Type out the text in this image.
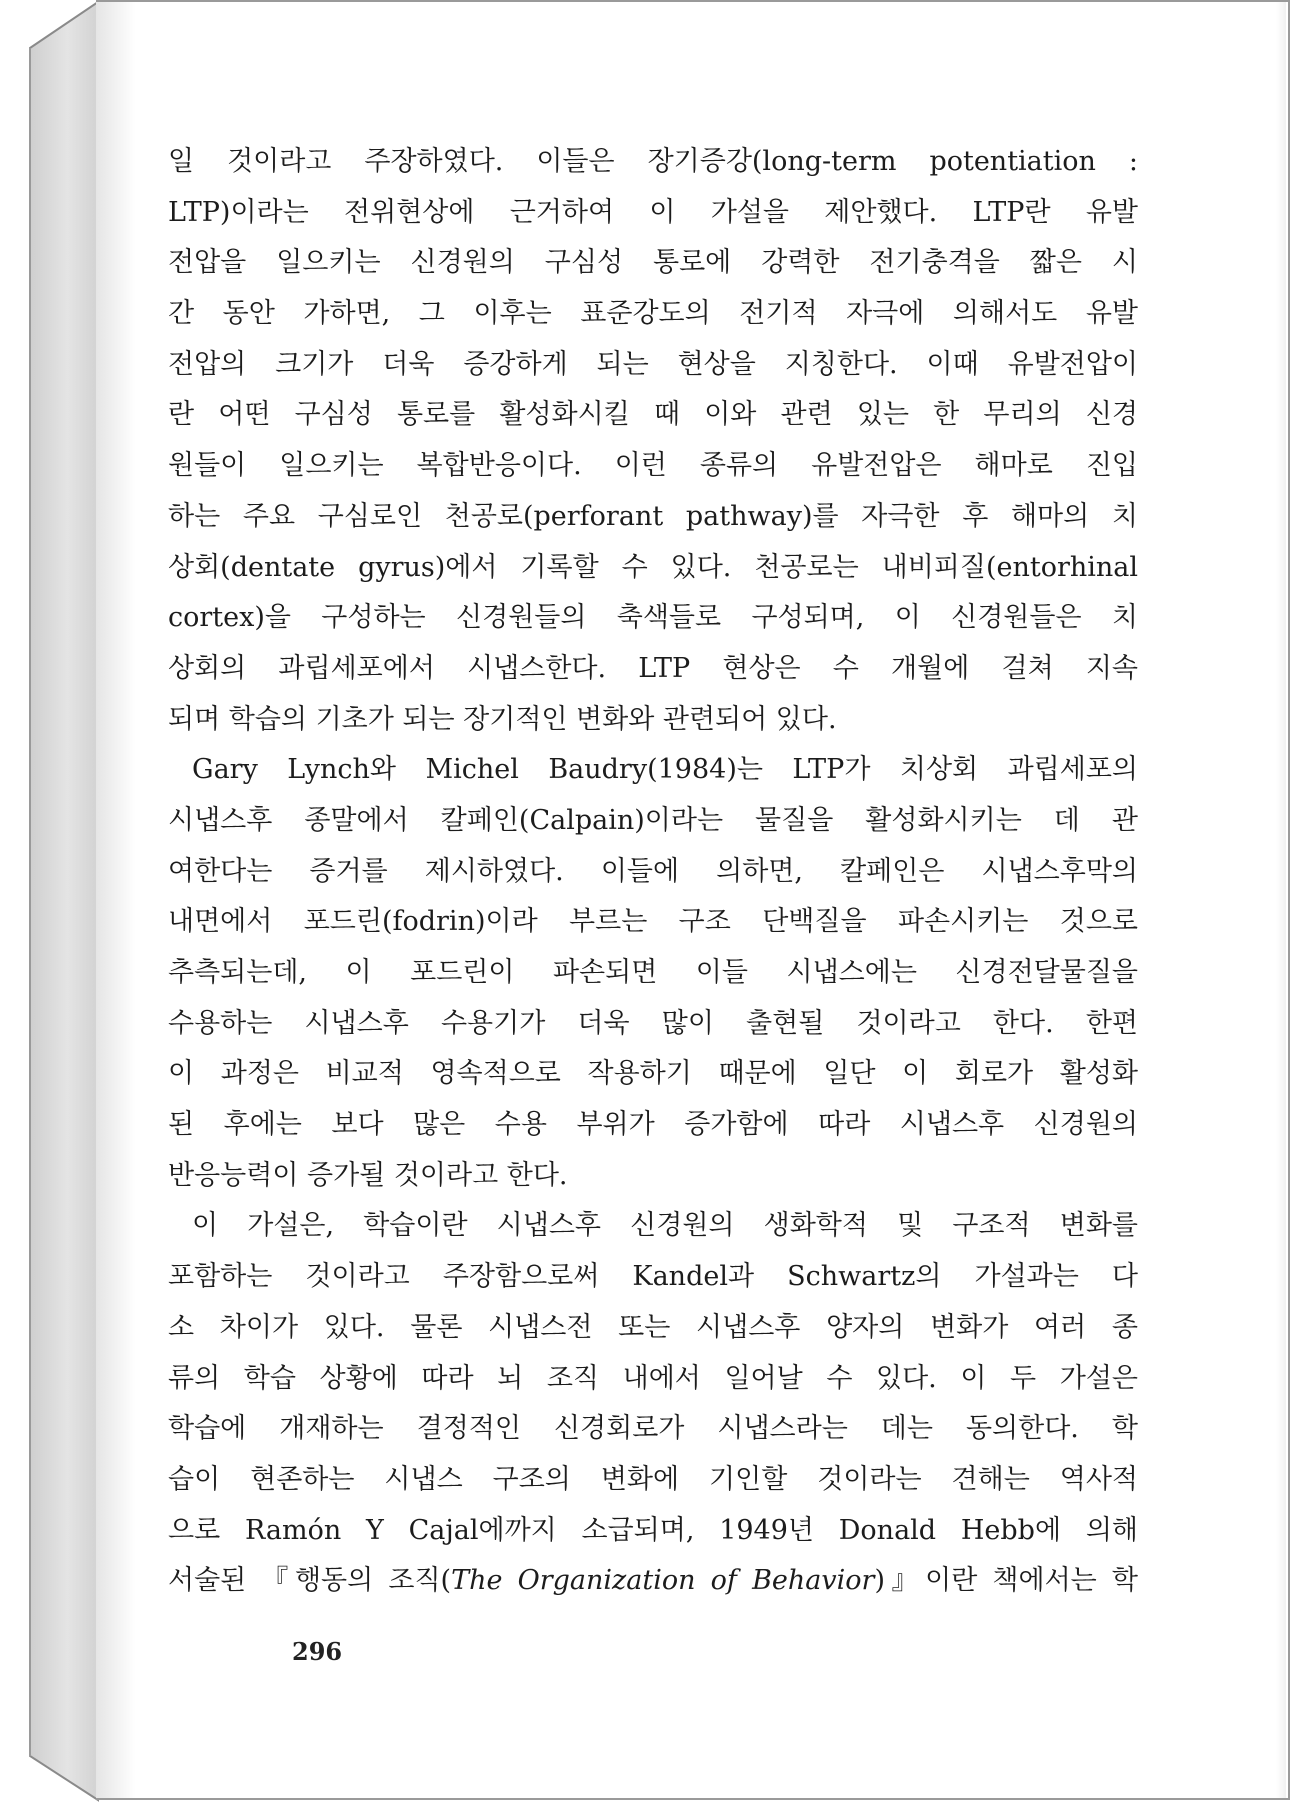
일 것이라고 주장하였다. 이들은 장기증강(long-term potentiation :
LTP)이라는 전위현상에 근거하여 이 가설을 제안했다. LTP란 유발
전압을 일으키는 신경원의 구심성 통로에 강력한 전기충격을 짧은 시
간 동안 가하면, 그 이후는 표준강도의 전기적 자극에 의해서도 유발
전압의 크기가 더욱 증강하게 되는 현상을 지칭한다. 이때 유발전압이
란 어떤 구심성 통로를 활성화시킬 때 이와 관련 있는 한 무리의 신경
원들이 일으키는 복합반응이다. 이런 종류의 유발전압은 해마로 진입
하는 주요 구심로인 천공로(perforant pathway)를 자극한 후 해마의 치
상회(dentate gyrus)에서 기록할 수 있다. 천공로는 내비피질(entorhinal
cortex)을 구성하는 신경원들의 축색들로 구성되며, 이 신경원들은 치
상회의 과립세포에서 시냅스한다. LTP 현상은 수 개월에 걸쳐 지속
되며 학습의 기초가 되는 장기적인 변화와 관련되어 있다.
Gary Lynch와 Michel Baudry(1984)는 LTP가 치상회 과립세포의
시냅스후 종말에서 칼페인(Calpain)이라는 물질을 활성화시키는 데 관
여한다는 증거를 제시하였다. 이들에 의하면, 칼페인은 시냅스후막의
내면에서 포드린(fodrin)이라 부르는 구조 단백질을 파손시키는 것으로
추측되는데, 이 포드린이 파손되면 이들 시냅스에는 신경전달물질을
수용하는 시냅스후 수용기가 더욱 많이 출현될 것이라고 한다. 한편
이 과정은 비교적 영속적으로 작용하기 때문에 일단 이 회로가 활성화
된 후에는 보다 많은 수용 부위가 증가함에 따라 시냅스후 신경원의
반응능력이 증가될 것이라고 한다.
이 가설은, 학습이란 시냅스후 신경원의 생화학적 및 구조적 변화를
포함하는 것이라고 주장함으로써 Kandel과 Schwartz의 가설과는 다
소 차이가 있다. 물론 시냅스전 또는 시냅스후 양자의 변화가 여러 종
류의 학습 상황에 따라 뇌 조직 내에서 일어날 수 있다. 이 두 가설은
학습에 개재하는 결정적인 신경회로가 시냅스라는 데는 동의한다. 학
습이 현존하는 시냅스 구조의 변화에 기인할 것이라는 견해는 역사적
으로 Ramón Y Cajal에까지 소급되며, 1949년 Donald Hebb에 의해
서술된 『행동의 조직(The Organization of Behavior)』이란 책에서는 학
296
